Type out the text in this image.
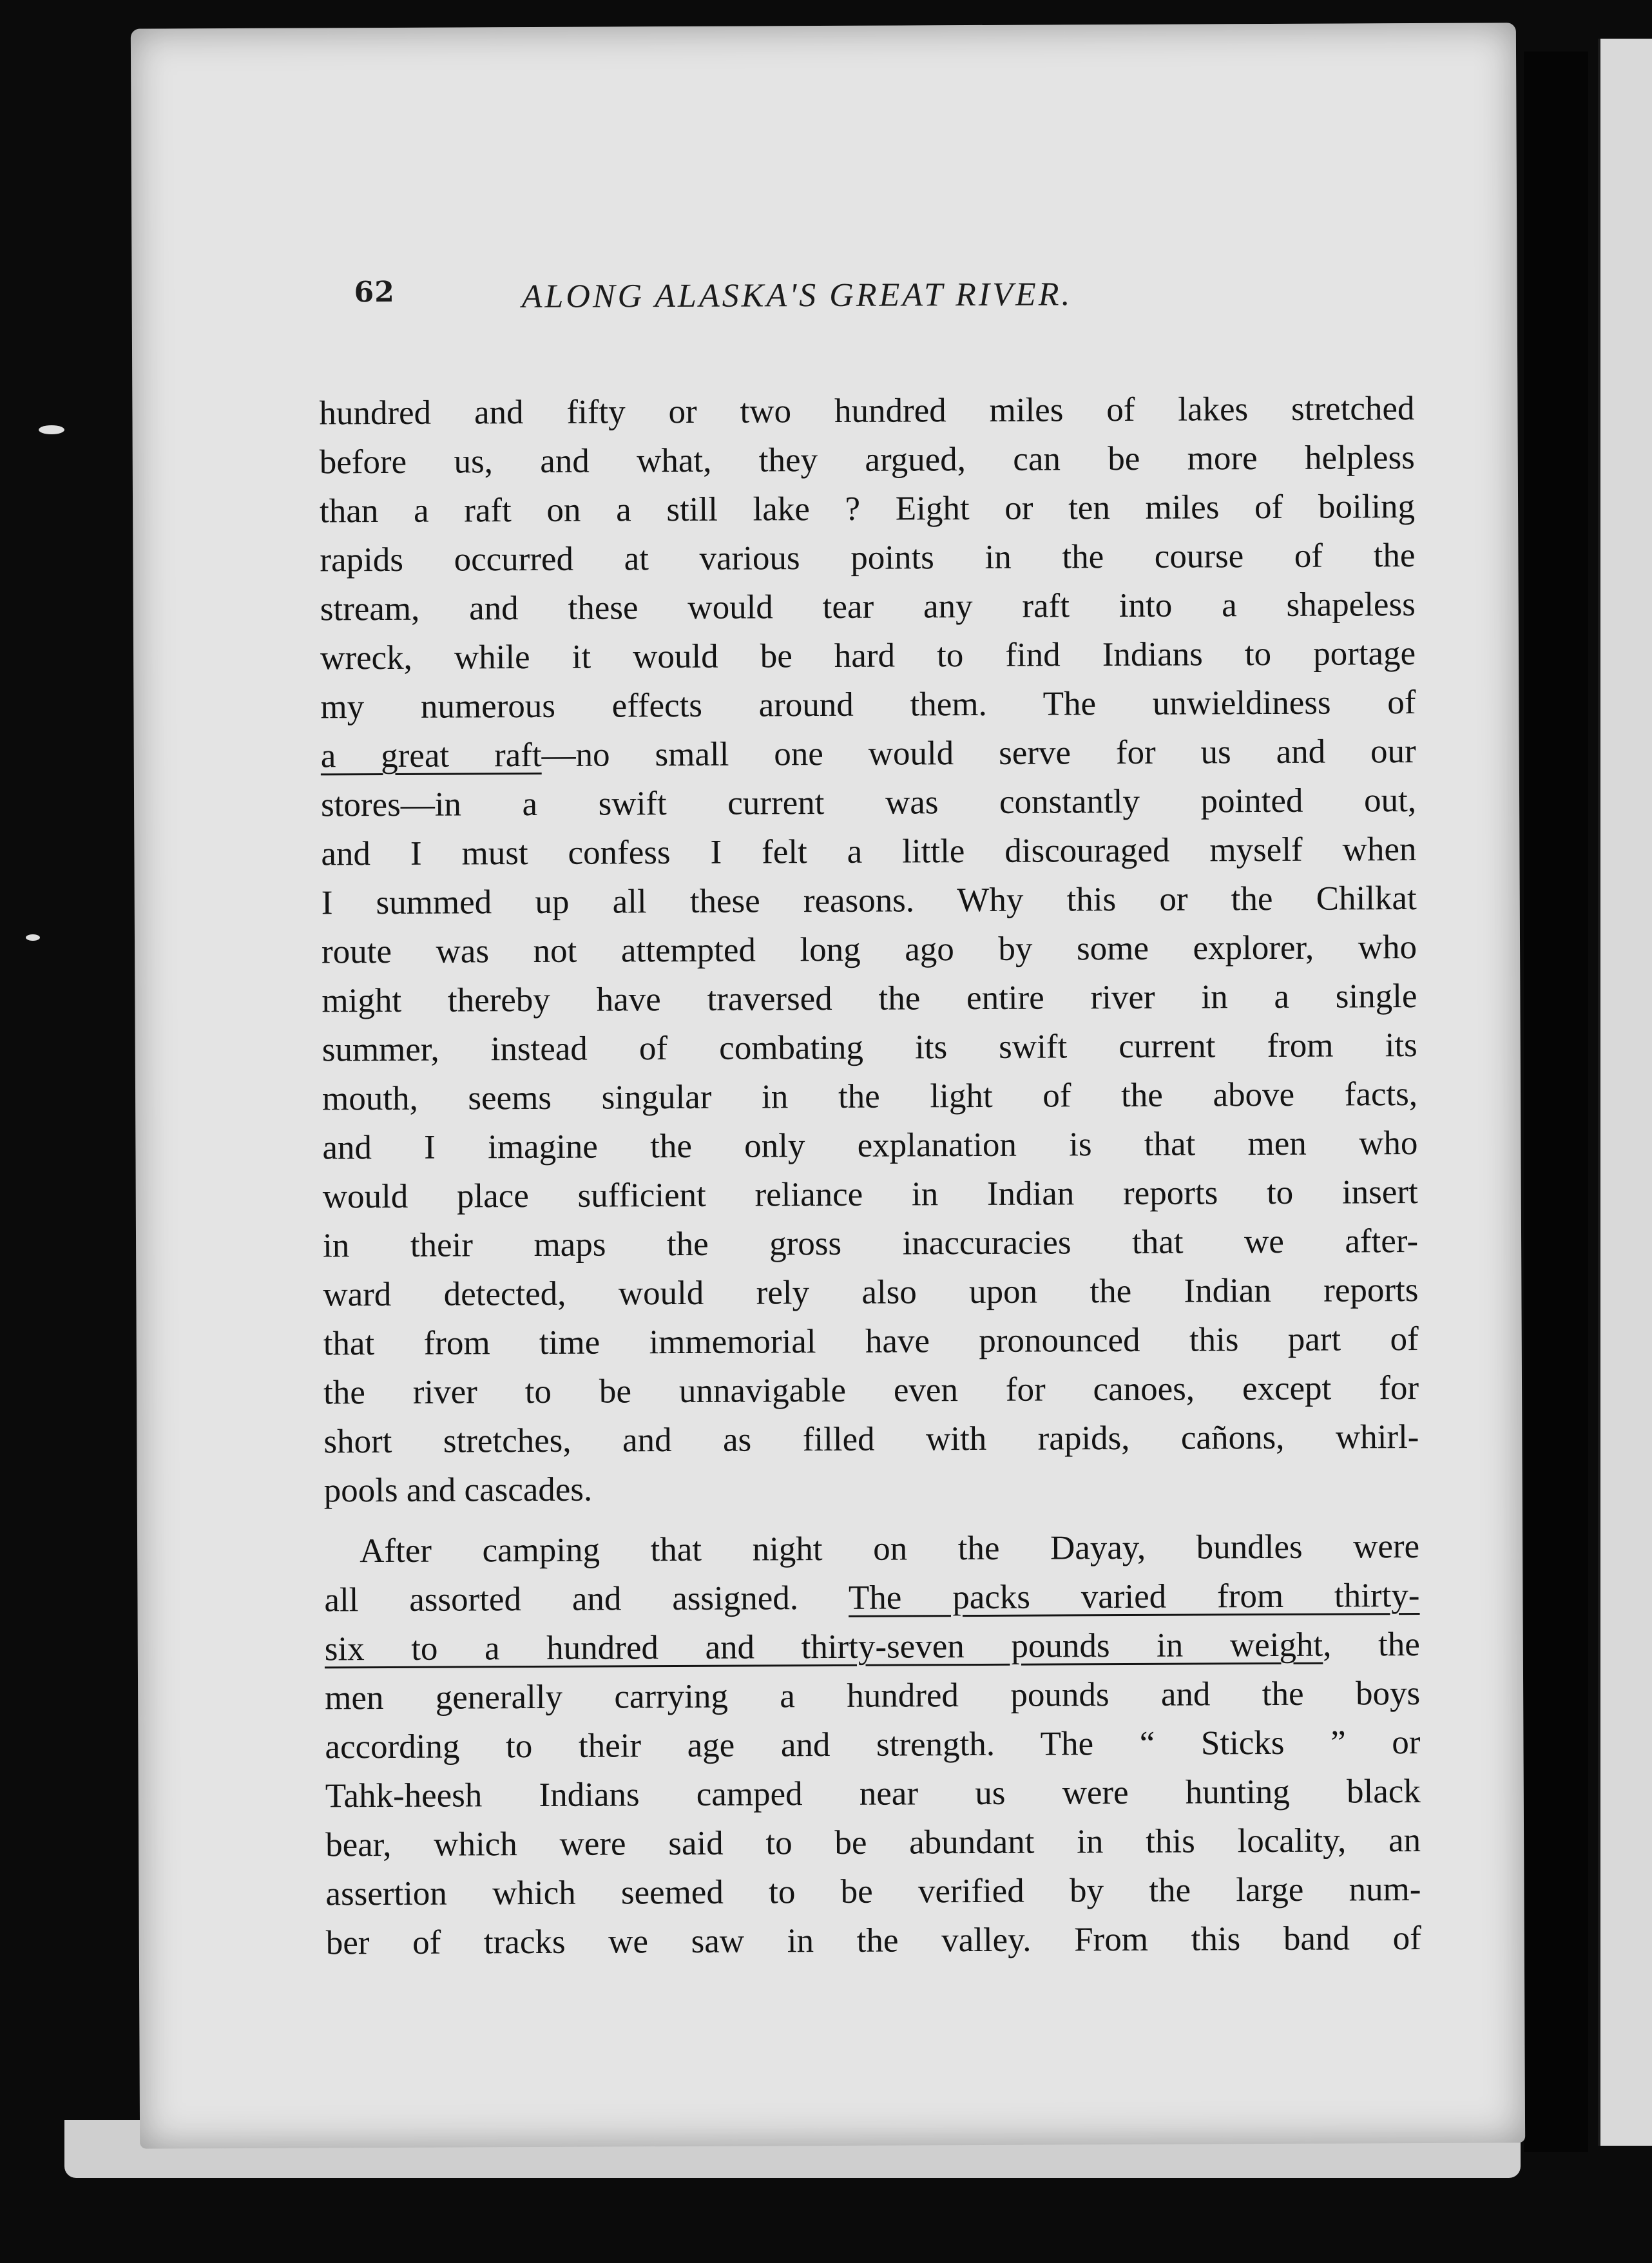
62	ALONG ALASKA'S GREAT RIVER.
hundred and fifty or two hundred miles of lakes stretched
before us, and what, they argued, can be more helpless
than a raft on a still lake ? Eight or ten miles of boiling
rapids occurred at various points in the course of the
stream, and these would tear any raft into a shapeless
wreck, while it would be hard to find Indians to portage
my numerous effects around them. The unwieldiness of
a great raft—no small one would serve for us and our
stores—in a swift current was constantly pointed out,
and I must confess I felt a little discouraged myself when
I summed up all these reasons. Why this or the Chilkat
route was not attempted long ago by some explorer, who
might thereby have traversed the entire river in a single
summer, instead of combating its swift current from its
mouth, seems singular in the light of the above facts,
and I imagine the only explanation is that men who
would place sufficient reliance in Indian reports to insert
in their maps the gross inaccuracies that we after-
ward detected, would rely also upon the Indian reports
that from time immemorial have pronounced this part of
the river to be unnavigable even for canoes, except for
short stretches, and as filled with rapids, cañons, whirl-
pools and cascades.
After camping that night on the Dayay, bundles were
all assorted and assigned. The packs varied from thirty-
six to a hundred and thirty-seven pounds in weight, the
men generally carrying a hundred pounds and the boys
according to their age and strength. The “ Sticks ” or
Tahk-heesh Indians camped near us were hunting black
bear, which were said to be abundant in this locality, an
assertion which seemed to be verified by the large num-
ber of tracks we saw in the valley. From this band of
